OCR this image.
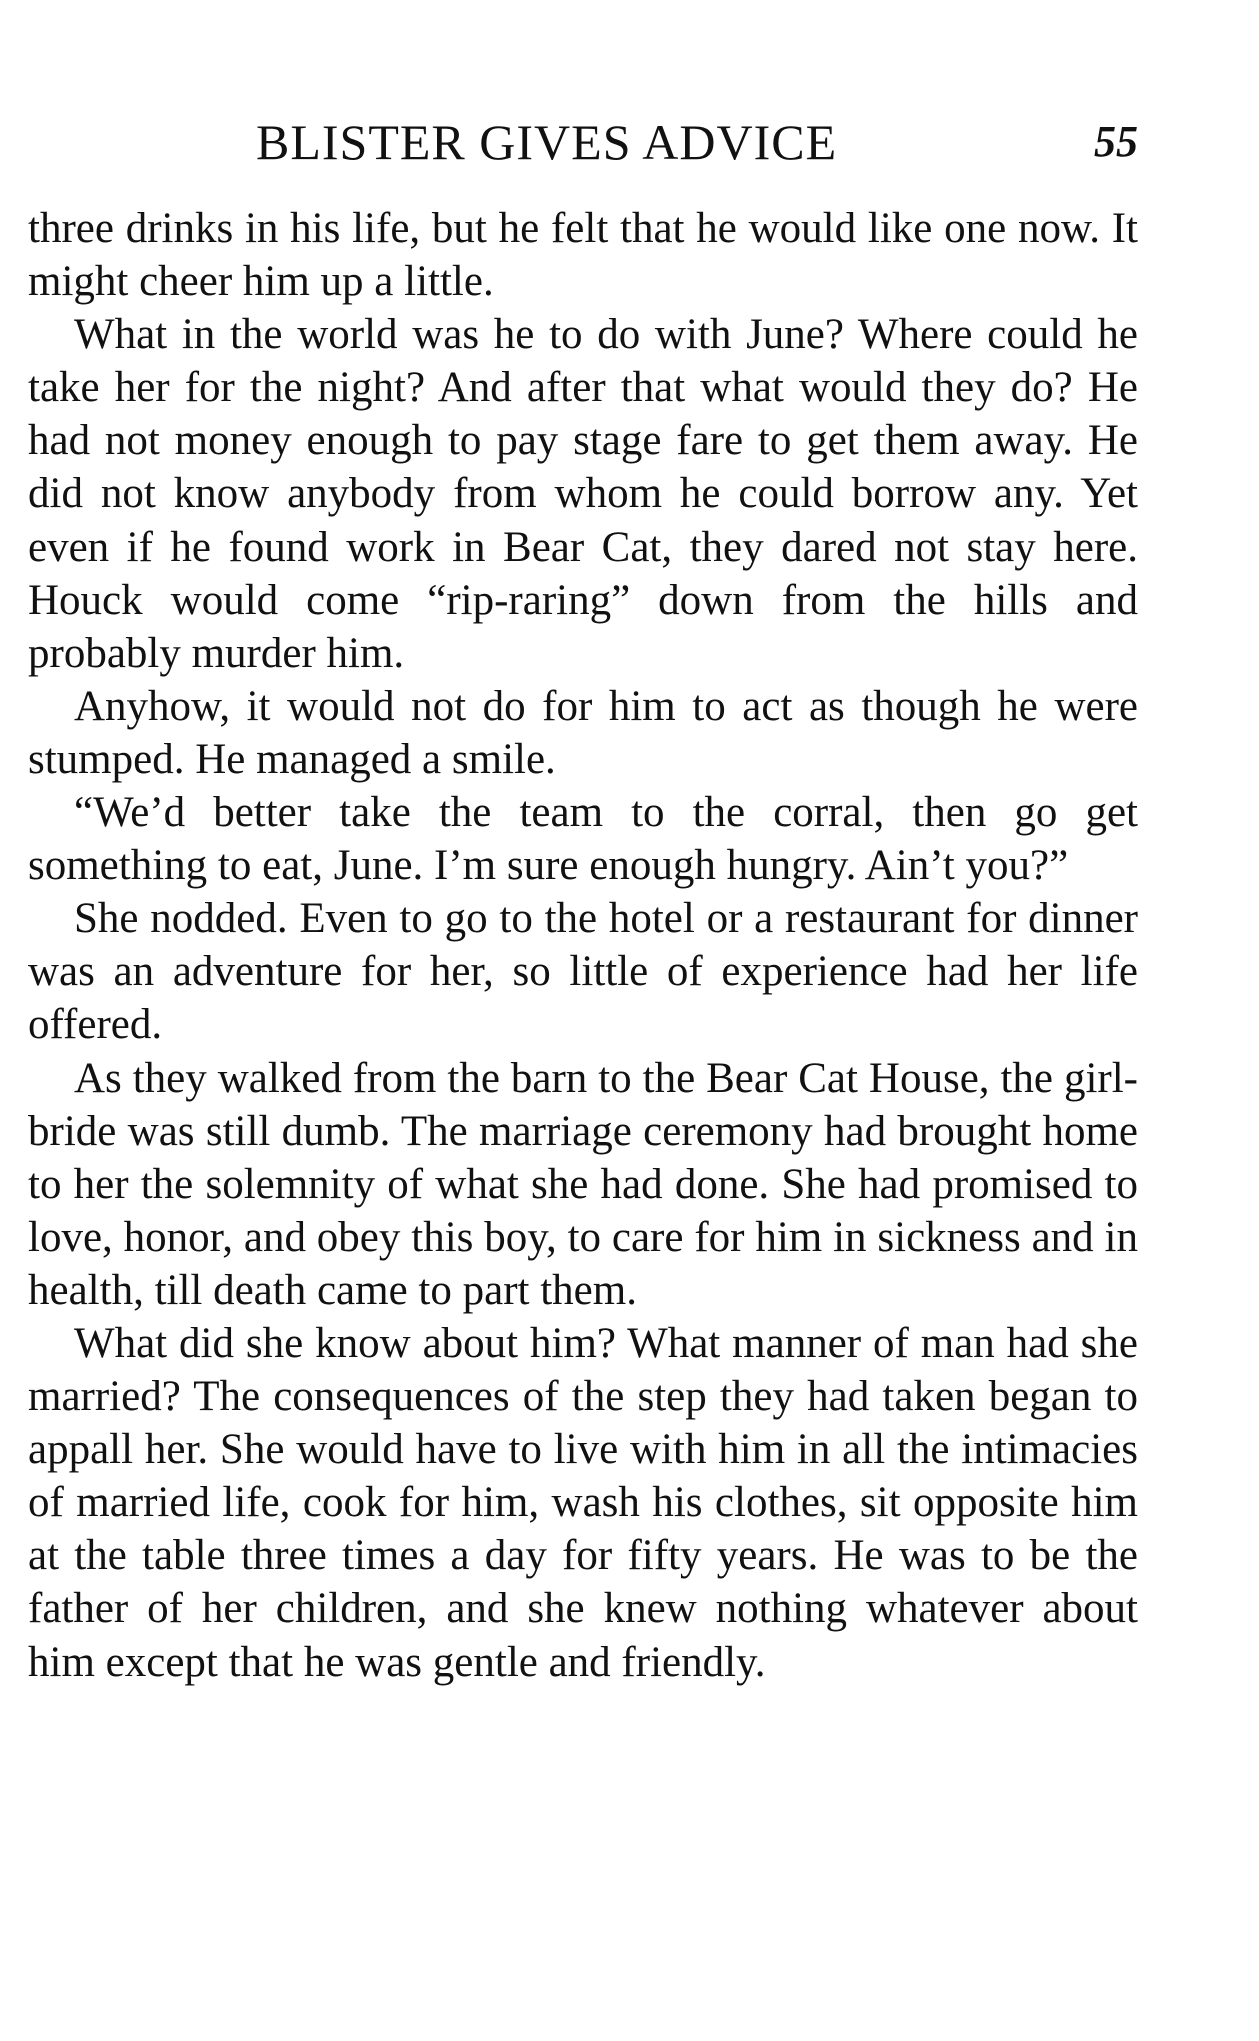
BLISTER GIVES ADVICE	55

three drinks in his life, but he felt that he would like one now. It might cheer him up a little.

What in the world was he to do with June? Where could he take her for the night? And after that what would they do? He had not money enough to pay stage fare to get them away. He did not know anybody from whom he could borrow any. Yet even if he found work in Bear Cat, they dared not stay here. Houck would come “rip-raring” down from the hills and probably murder him.

Anyhow, it would not do for him to act as though he were stumped. He managed a smile.

“We’d better take the team to the corral, then go get something to eat, June. I’m sure enough hungry. Ain’t you?”

She nodded. Even to go to the hotel or a restaurant for dinner was an adventure for her, so little of experience had her life offered.

As they walked from the barn to the Bear Cat House, the girl-bride was still dumb. The marriage ceremony had brought home to her the solemnity of what she had done. She had promised to love, honor, and obey this boy, to care for him in sickness and in health, till death came to part them.

What did she know about him? What manner of man had she married? The consequences of the step they had taken began to appall her. She would have to live with him in all the intimacies of married life, cook for him, wash his clothes, sit opposite him at the table three times a day for fifty years. He was to be the father of her children, and she knew nothing whatever about him except that he was gentle and friendly.
